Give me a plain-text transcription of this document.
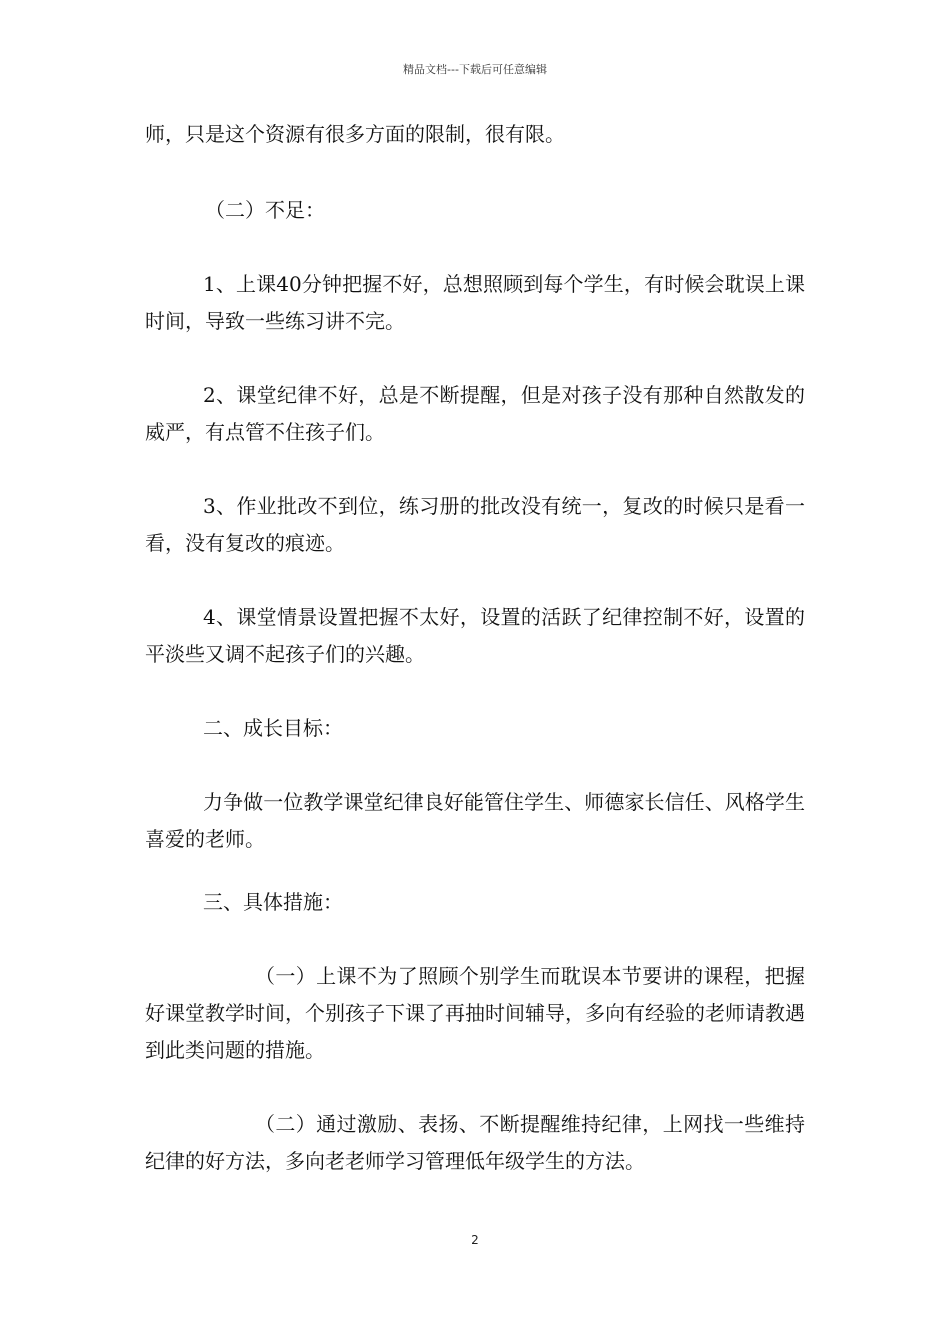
精品文档---下载后可任意编辑

师，只是这个资源有很多方面的限制，很有限。

（二）不足：

1、上课40分钟把握不好，总想照顾到每个学生，有时候会耽误上课时间，导致一些练习讲不完。

2、课堂纪律不好，总是不断提醒，但是对孩子没有那种自然散发的威严，有点管不住孩子们。

3、作业批改不到位，练习册的批改没有统一，复改的时候只是看一看，没有复改的痕迹。

4、课堂情景设置把握不太好，设置的活跃了纪律控制不好，设置的平淡些又调不起孩子们的兴趣。

二、成长目标：

力争做一位教学课堂纪律良好能管住学生、师德家长信任、风格学生喜爱的老师。

三、具体措施：

（一）上课不为了照顾个别学生而耽误本节要讲的课程，把握好课堂教学时间，个别孩子下课了再抽时间辅导，多向有经验的老师请教遇到此类问题的措施。

（二）通过激励、表扬、不断提醒维持纪律，上网找一些维持纪律的好方法，多向老老师学习管理低年级学生的方法。

2
